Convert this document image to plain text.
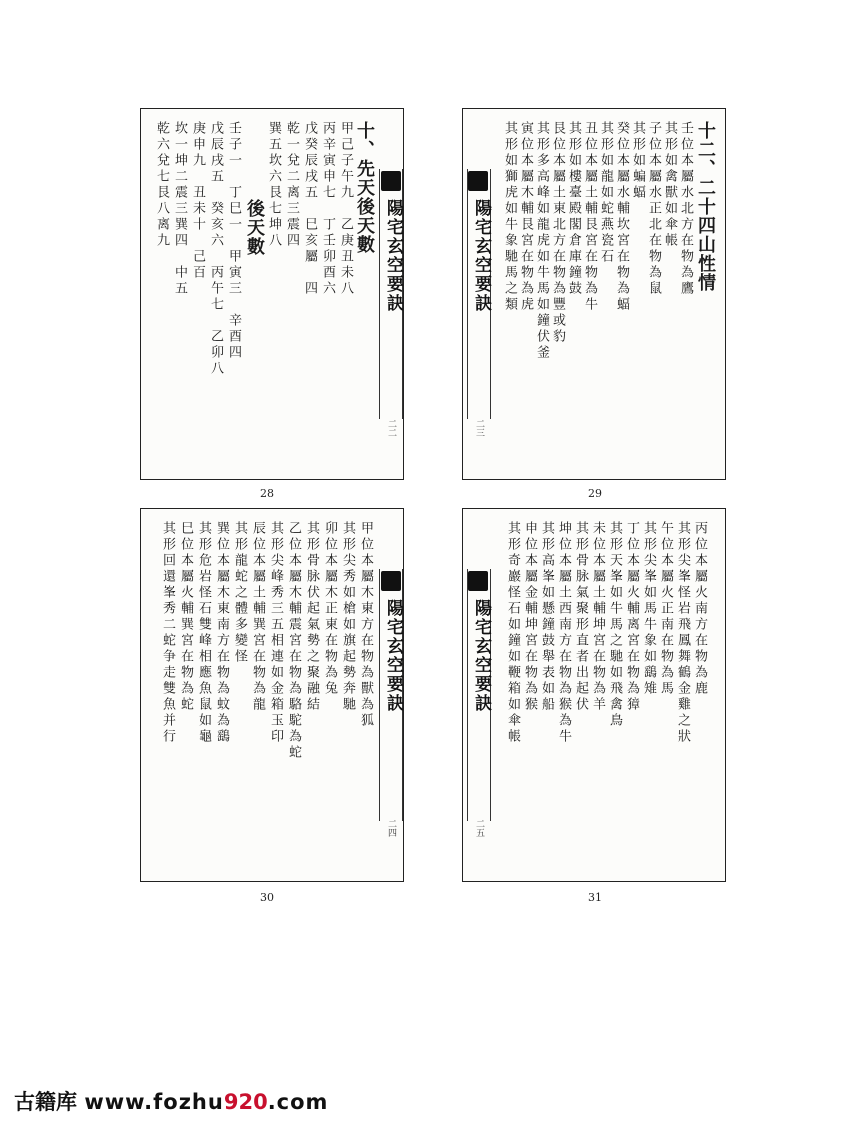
陽宅玄空要訣
二二
十、先天後天數
甲己子午九　乙庚丑未八
丙辛寅申七　丁壬卯酉六
戊癸辰戌五　巳亥屬　四
乾一兌二离三震四
巽五坎六艮七坤八
後天數
壬子一　丁巳一　甲寅三　辛酉四
戊辰戌五　癸亥六　丙午七　乙卯八
庚申九　丑未十　己百
坎一坤二震三巽四　中五
乾六兌七艮八离九
陽宅玄空要訣
二三
十二、二十四山性情
壬位本屬水北方在物為鷹
其形如禽獸如傘帳
子位本屬水正北在物為鼠
其形如蝙蝠
癸位本屬水輔坎宮在物為蝠
其形如龍如蛇燕瓷石
丑位本屬土輔艮宮在物為牛
其形如樓臺殿閣倉庫鐘鼓
艮位本屬土東北方在物為豐或豹
其形多高峰如龍虎如牛馬如鐘伏釜
寅位本屬木輔艮宮在物為虎
其形如獅虎如牛象馳馬之類
陽宅玄空要訣
二四
甲位本屬木東方在物為獸為狐
其形尖秀如槍如旗起勢奔馳
卯位本屬木正東在物為兔
其形骨脉伏起氣勢之聚融結
乙位本屬木輔震宮在物為駱駝為蛇
其形尖峰秀三五相連如金箱玉印
辰位本屬土輔巽宮在物為龍
其形龍蛇之體多變怪
巽位本屬木東南方在物為蚊為鷂
其形危岩怪石雙峰相應魚鼠如龜
巳位本屬火輔巽宮在物為蛇
其形回還峯秀二蛇争走雙魚并行	陽宅玄空要訣
二五
丙位本屬火南方在物為鹿
其形尖峯怪岩飛鳳舞鶴金雞之狀
午位本屬火正南在物為馬
其形尖峯如馬牛象如鷂雉
丁位本屬火輔离宮在物為獐
其形天峯如牛馬之馳如飛禽鳥
未位本屬土輔坤宮在物為羊
其形骨脉氣聚形直者出起伏
坤位本屬土西南方在物為猴為牛
其形高峯如懸鐘鼓舉表如船
申位本屬金輔坤宮在物為猴
其形奇巖怪石如鐘如鞭箱如傘帳
28	29
30	31
古籍库 www.fozhu920.com
